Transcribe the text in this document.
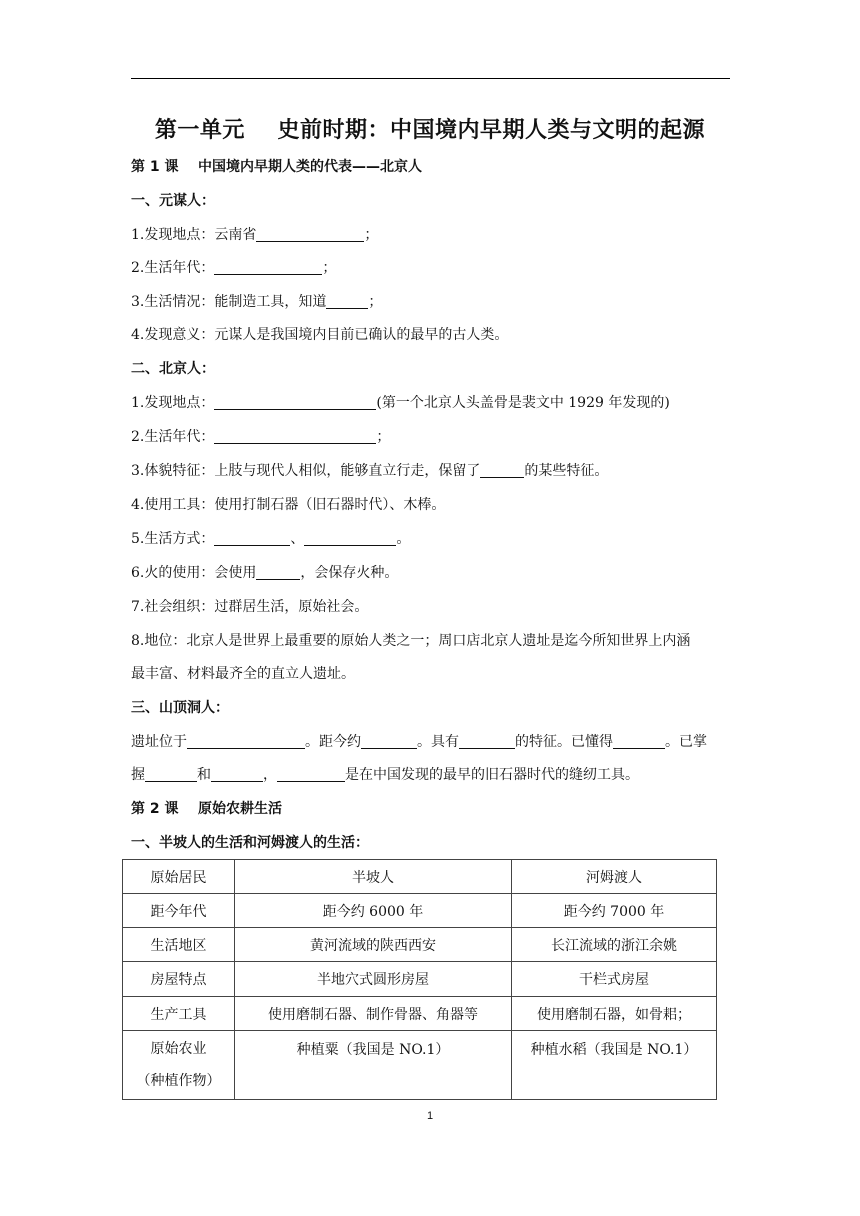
第一单元    史前时期：中国境内早期人类与文明的起源
第 1 课    中国境内早期人类的代表——北京人
一、元谋人：
1.发现地点：云南省	；
2.生活年代：	；
3.生活情况：能制造工具，知道	；
4.发现意义：元谋人是我国境内目前已确认的最早的古人类。
二、北京人：
1.发现地点：	(第一个北京人头盖骨是裴文中 1929 年发现的)
2.生活年代：	；
3.体貌特征：上肢与现代人相似，能够直立行走，保留了	的某些特征。
4.使用工具：使用打制石器（旧石器时代）、木棒。
5.生活方式：	、	。
6.火的使用：会使用	，会保存火种。
7.社会组织：过群居生活，原始社会。
8.地位：北京人是世界上最重要的原始人类之一；周口店北京人遗址是迄今所知世界上内涵
最丰富、材料最齐全的直立人遗址。
三、山顶洞人：
遗址位于	。距今约	。具有	的特征。已懂得	。已掌
握	和	，	是在中国发现的最早的旧石器时代的缝纫工具。
第 2 课    原始农耕生活
一、半坡人的生活和河姆渡人的生活：
原始居民	半坡人	河姆渡人
距今年代	距今约 6000 年	距今约 7000 年
生活地区	黄河流域的陕西西安	长江流域的浙江余姚
房屋特点	半地穴式圆形房屋	干栏式房屋
生产工具	使用磨制石器、制作骨器、角器等	使用磨制石器，如骨耜；

原始农业
（种植作物）	种植粟（我国是 NO.1）	种植水稻（我国是 NO.1）
1
